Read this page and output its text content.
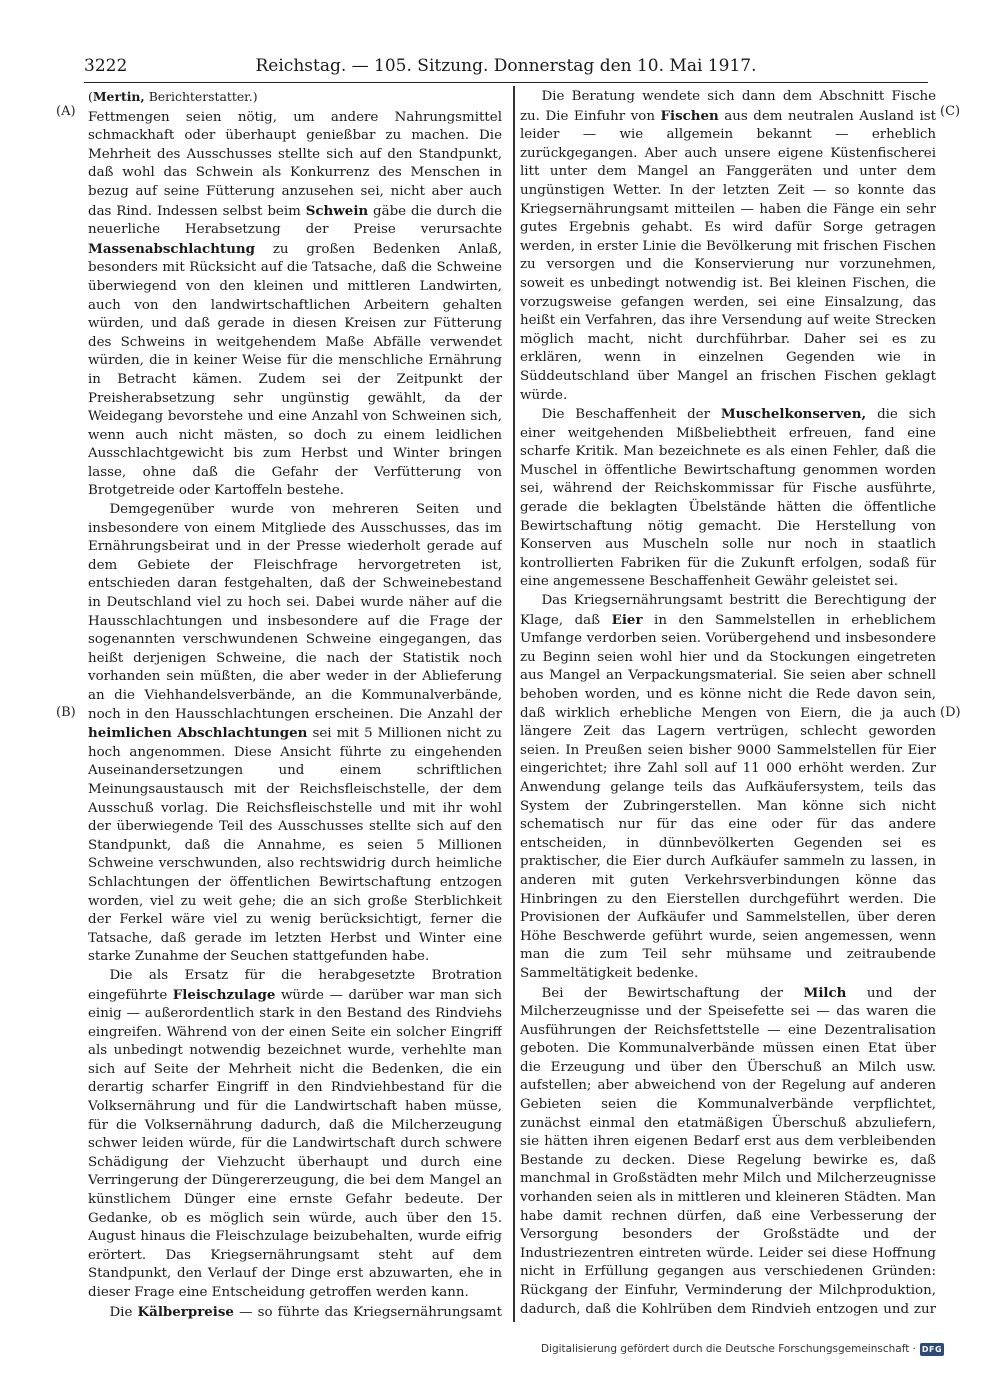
3222	Reichstag. — 105. Sitzung. Donnerstag den 10. Mai 1917.
(A)
(B)
(C)
(D)
(Mertin, Berichterstatter.)

Fettmengen seien nötig, um andere Nahrungsmittel schmackhaft oder überhaupt genießbar zu machen. Die Mehrheit des Ausschusses stellte sich auf den Standpunkt, daß wohl das Schwein als Konkurrenz des Menschen in bezug auf seine Fütterung anzusehen sei, nicht aber auch das Rind. Indessen selbst beim Schwein gäbe die durch die neuerliche Herabsetzung der Preise verursachte Massenabschlachtung zu großen Bedenken Anlaß, besonders mit Rücksicht auf die Tatsache, daß die Schweine überwiegend von den kleinen und mittleren Landwirten, auch von den landwirtschaftlichen Arbeitern gehalten würden, und daß gerade in diesen Kreisen zur Fütterung des Schweins in weitgehendem Maße Abfälle verwendet würden, die in keiner Weise für die menschliche Ernährung in Betracht kämen. Zudem sei der Zeitpunkt der Preisherabsetzung sehr ungünstig gewählt, da der Weidegang bevorstehe und eine Anzahl von Schweinen sich, wenn auch nicht mästen, so doch zu einem leidlichen Ausschlachtgewicht bis zum Herbst und Winter bringen lasse, ohne daß die Gefahr der Verfütterung von Brotgetreide oder Kartoffeln bestehe.

Demgegenüber wurde von mehreren Seiten und insbesondere von einem Mitgliede des Ausschusses, das im Ernährungsbeirat und in der Presse wiederholt gerade auf dem Gebiete der Fleischfrage hervorgetreten ist, entschieden daran festgehalten, daß der Schweinebestand in Deutschland viel zu hoch sei. Dabei wurde näher auf die Hausschlachtungen und insbesondere auf die Frage der sogenannten verschwundenen Schweine eingegangen, das heißt derjenigen Schweine, die nach der Statistik noch vorhanden sein müßten, die aber weder in der Ablieferung an die Viehhandelsverbände, an die Kommunalverbände, noch in den Hausschlachtungen erscheinen. Die Anzahl der heimlichen Abschlachtungen sei mit 5 Millionen nicht zu hoch angenommen. Diese Ansicht führte zu eingehenden Auseinandersetzungen und einem schriftlichen Meinungsaustausch mit der Reichsfleischstelle, der dem Ausschuß vorlag. Die Reichsfleischstelle und mit ihr wohl der überwiegende Teil des Ausschusses stellte sich auf den Standpunkt, daß die Annahme, es seien 5 Millionen Schweine verschwunden, also rechtswidrig durch heimliche Schlachtungen der öffentlichen Bewirtschaftung entzogen worden, viel zu weit gehe; die an sich große Sterblichkeit der Ferkel wäre viel zu wenig berücksichtigt, ferner die Tatsache, daß gerade im letzten Herbst und Winter eine starke Zunahme der Seuchen stattgefunden habe.

Die als Ersatz für die herabgesetzte Brotration eingeführte Fleischzulage würde — darüber war man sich einig — außerordentlich stark in den Bestand des Rindviehs eingreifen. Während von der einen Seite ein solcher Eingriff als unbedingt notwendig bezeichnet wurde, verhehlte man sich auf Seite der Mehrheit nicht die Bedenken, die ein derartig scharfer Eingriff in den Rindviehbestand für die Volksernährung und für die Landwirtschaft haben müsse, für die Volksernährung dadurch, daß die Milcherzeugung schwer leiden würde, für die Landwirtschaft durch schwere Schädigung der Viehzucht überhaupt und durch eine Verringerung der Düngererzeugung, die bei dem Mangel an künstlichem Dünger eine ernste Gefahr bedeute. Der Gedanke, ob es möglich sein würde, auch über den 15. August hinaus die Fleischzulage beizubehalten, wurde eifrig erörtert. Das Kriegsernährungsamt steht auf dem Standpunkt, den Verlauf der Dinge erst abzuwarten, ehe in dieser Frage eine Entscheidung getroffen werden kann.

Die Kälberpreise — so führte das Kriegsernährungsamt

Die Beratung wendete sich dann dem Abschnitt Fische zu. Die Einfuhr von Fischen aus dem neutralen Ausland ist leider — wie allgemein bekannt — erheblich zurückgegangen. Aber auch unsere eigene Küstenfischerei litt unter dem Mangel an Fanggeräten und unter dem ungünstigen Wetter. In der letzten Zeit — so konnte das Kriegsernährungsamt mitteilen — haben die Fänge ein sehr gutes Ergebnis gehabt. Es wird dafür Sorge getragen werden, in erster Linie die Bevölkerung mit frischen Fischen zu versorgen und die Konservierung nur vorzunehmen, soweit es unbedingt notwendig ist. Bei kleinen Fischen, die vorzugsweise gefangen werden, sei eine Einsalzung, das heißt ein Verfahren, das ihre Versendung auf weite Strecken möglich macht, nicht durchführbar. Daher sei es zu erklären, wenn in einzelnen Gegenden wie in Süddeutschland über Mangel an frischen Fischen geklagt würde.

Die Beschaffenheit der Muschelkonserven, die sich einer weitgehenden Mißbeliebtheit erfreuen, fand eine scharfe Kritik. Man bezeichnete es als einen Fehler, daß die Muschel in öffentliche Bewirtschaftung genommen worden sei, während der Reichskommissar für Fische ausführte, gerade die beklagten Übelstände hätten die öffentliche Bewirtschaftung nötig gemacht. Die Herstellung von Konserven aus Muscheln solle nur noch in staatlich kontrollierten Fabriken für die Zukunft erfolgen, sodaß für eine angemessene Beschaffenheit Gewähr geleistet sei.

Das Kriegsernährungsamt bestritt die Berechtigung der Klage, daß Eier in den Sammelstellen in erheblichem Umfange verdorben seien. Vorübergehend und insbesondere zu Beginn seien wohl hier und da Stockungen eingetreten aus Mangel an Verpackungsmaterial. Sie seien aber schnell behoben worden, und es könne nicht die Rede davon sein, daß wirklich erhebliche Mengen von Eiern, die ja auch längere Zeit das Lagern vertrügen, schlecht geworden seien. In Preußen seien bisher 9000 Sammelstellen für Eier eingerichtet; ihre Zahl soll auf 11 000 erhöht werden. Zur Anwendung gelange teils das Aufkäufersystem, teils das System der Zubringerstellen. Man könne sich nicht schematisch nur für das eine oder für das andere entscheiden, in dünnbevölkerten Gegenden sei es praktischer, die Eier durch Aufkäufer sammeln zu lassen, in anderen mit guten Verkehrsverbindungen könne das Hinbringen zu den Eierstellen durchgeführt werden. Die Provisionen der Aufkäufer und Sammelstellen, über deren Höhe Beschwerde geführt wurde, seien angemessen, wenn man die zum Teil sehr mühsame und zeitraubende Sammeltätigkeit bedenke.

Bei der Bewirtschaftung der Milch und der Milcherzeugnisse und der Speisefette sei — das waren die Ausführungen der Reichsfettstelle — eine Dezentralisation geboten. Die Kommunalverbände müssen einen Etat über die Erzeugung und über den Überschuß an Milch usw. aufstellen; aber abweichend von der Regelung auf anderen Gebieten seien die Kommunalverbände verpflichtet, zunächst einmal den etatmäßigen Überschuß abzuliefern, sie hätten ihren eigenen Bedarf erst aus dem verbleibenden Bestande zu decken. Diese Regelung bewirke es, daß manchmal in Großstädten mehr Milch und Milcherzeugnisse vorhanden seien als in mittleren und kleineren Städten. Man habe damit rechnen dürfen, daß eine Verbesserung der Versorgung besonders der Großstädte und der Industriezentren eintreten würde. Leider sei diese Hoffnung nicht in Erfüllung gegangen aus verschiedenen Gründen: Rückgang der Einfuhr, Verminderung der Milchproduktion, dadurch, daß die Kohlrüben dem Rindvieh entzogen und zur

Digitalisierung gefördert durch die Deutsche Forschungsgemeinschaft · DFG
